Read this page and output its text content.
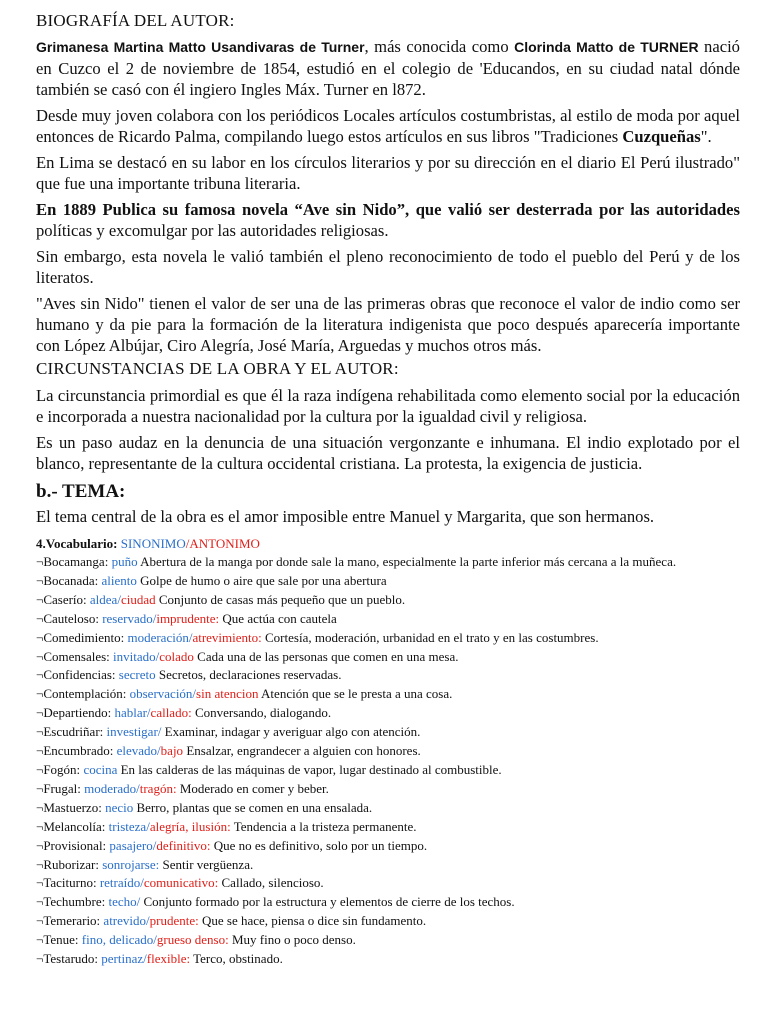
BIOGRAFÍA DEL AUTOR:

Grimanesa Martina Matto Usandivaras de Turner, más conocida como Clorinda Matto de TURNER nació en Cuzco el 2 de noviembre de 1854, estudió en el colegio de 'Educandos, en su ciudad natal dónde también se casó con él ingiero Ingles Máx. Turner en l872.

Desde muy joven colabora con los periódicos Locales artículos costumbristas, al estilo de moda por aquel entonces de Ricardo Palma, compilando luego estos artículos en sus libros "Tradiciones Cuzqueñas".

En Lima se destacó en su labor en los círculos literarios y por su dirección en el diario El Perú ilustrado" que fue una importante tribuna literaria.

En 1889 Publica su famosa novela “Ave sin Nido”, que valió ser desterrada por las autoridades políticas y excomulgar por las autoridades religiosas.

Sin embargo, esta novela le valió también el pleno reconocimiento de todo el pueblo del Perú y de los literatos.

"Aves sin Nido" tienen el valor de ser una de las primeras obras que reconoce el valor de indio como ser humano y da pie para la formación de la literatura indigenista que poco después aparecería importante con López Albújar, Ciro Alegría, José María, Arguedas y muchos otros más.

CIRCUNSTANCIAS DE LA OBRA Y EL AUTOR:

La circunstancia primordial es que él la raza indígena rehabilitada como elemento social por la educación e incorporada a nuestra nacionalidad por la cultura por la igualdad civil y religiosa.

Es un paso audaz en la denuncia de una situación vergonzante e inhumana. El indio explotado por el blanco, representante de la cultura occidental cristiana. La protesta, la exigencia de justicia.

b.- TEMA:

El tema central de la obra es el amor imposible entre Manuel y Margarita, que son hermanos.

4.Vocabulario: SINONIMO/ANTONIMO
¬Bocamanga: puño Abertura de la manga por donde sale la mano, especialmente la parte inferior más cercana a la muñeca.
¬Bocanada: aliento Golpe de humo o aire que sale por una abertura
¬Caserío: aldea/ciudad Conjunto de casas más pequeño que un pueblo.
¬Cauteloso: reservado/imprudente: Que actúa con cautela
¬Comedimiento: moderación/atrevimiento: Cortesía, moderación, urbanidad en el trato y en las costumbres.
¬Comensales: invitado/colado Cada una de las personas que comen en una mesa.
¬Confidencias: secreto Secretos, declaraciones reservadas.
¬Contemplación: observación/sin atencion Atención que se le presta a una cosa.
¬Departiendo: hablar/callado: Conversando, dialogando.
¬Escudriñar: investigar/ Examinar, indagar y averiguar algo con atención.
¬Encumbrado: elevado/bajo Ensalzar, engrandecer a alguien con honores.
¬Fogón: cocina En las calderas de las máquinas de vapor, lugar destinado al combustible.
¬Frugal: moderado/tragón: Moderado en comer y beber.
¬Mastuerzo: necio Berro, plantas que se comen en una ensalada.
¬Melancolía: tristeza/alegría, ilusión: Tendencia a la tristeza permanente.
¬Provisional: pasajero/definitivo: Que no es definitivo, solo por un tiempo.
¬Ruborizar: sonrojarse: Sentir vergüenza.
¬Taciturno: retraído/comunicativo: Callado, silencioso.
¬Techumbre: techo/ Conjunto formado por la estructura y elementos de cierre de los techos.
¬Temerario: atrevido/prudente: Que se hace, piensa o dice sin fundamento.
¬Tenue: fino, delicado/grueso denso: Muy fino o poco denso.
¬Testarudo: pertinaz/flexible: Terco, obstinado.
